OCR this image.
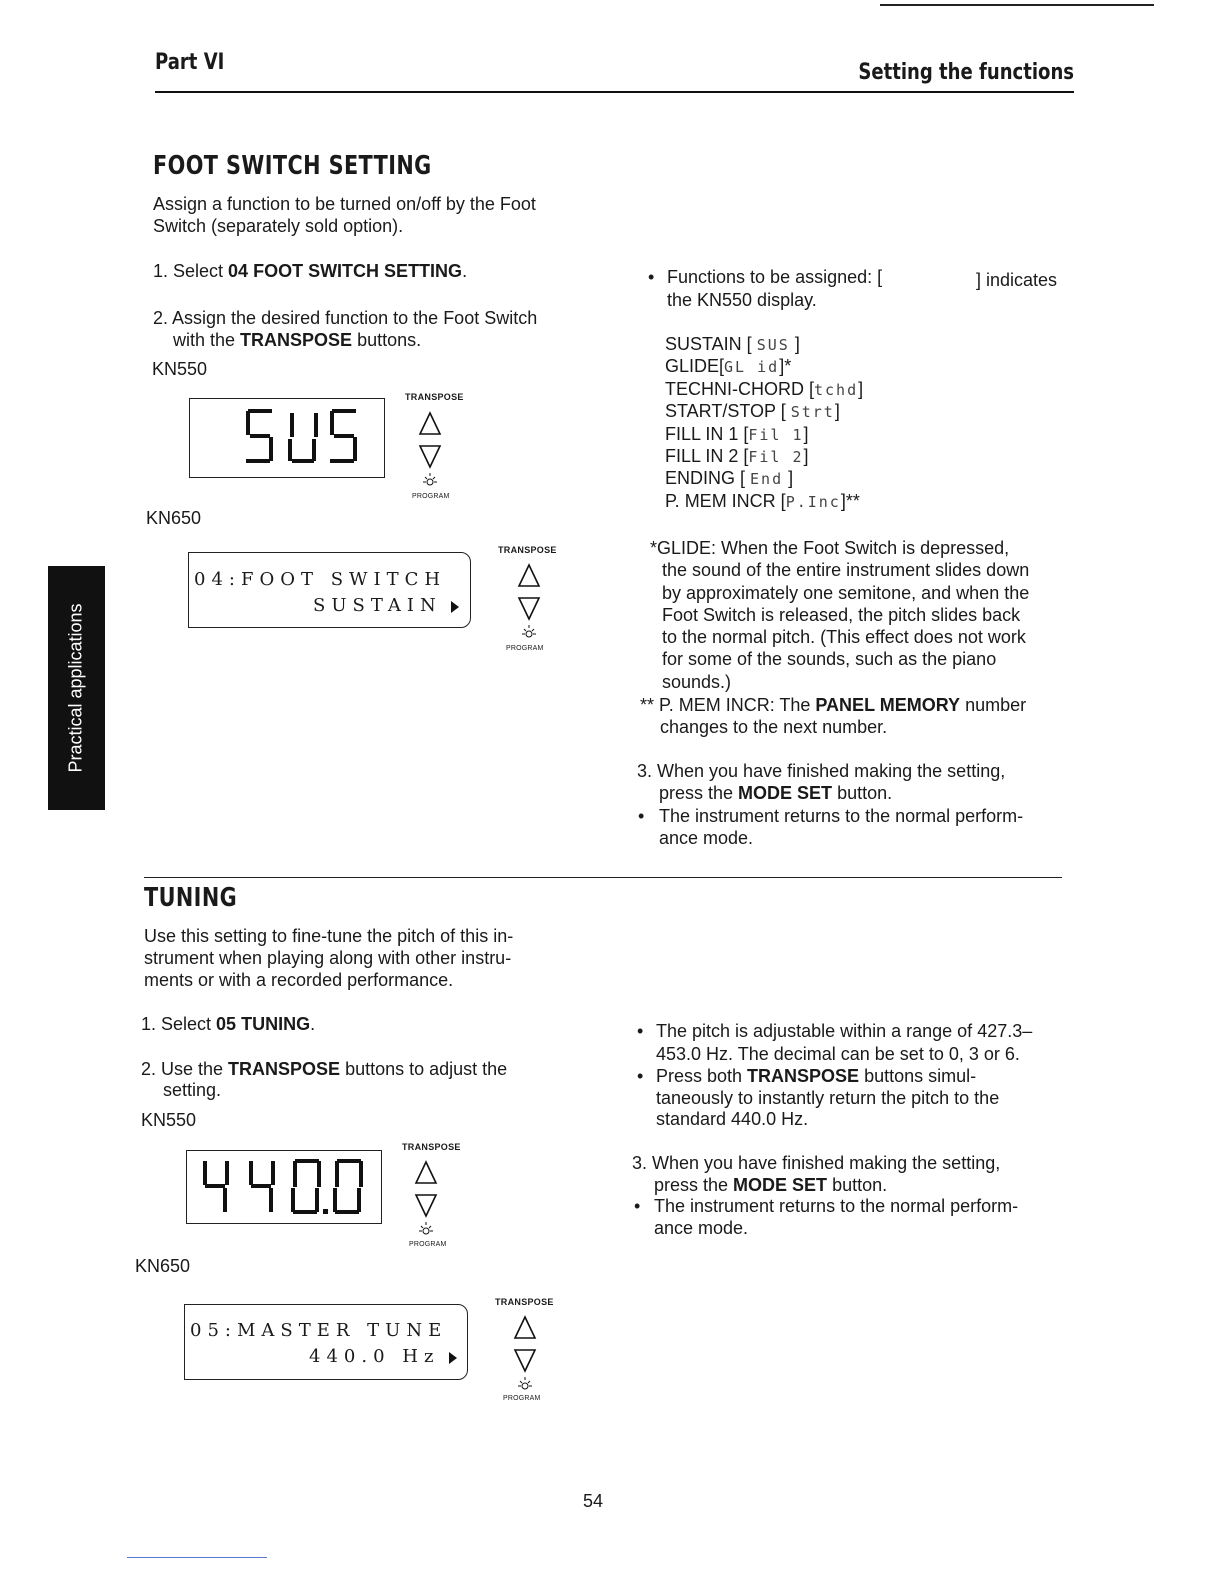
Part VI	Setting the functions
Practical applications
FOOT SWITCH SETTING
Assign a function to be turned on/off by the Foot
Switch (separately sold option).
1. Select 04 FOOT SWITCH SETTING.
2. Assign the desired function to the Foot Switch
with the TRANSPOSE buttons.
KN550
TRANSPOSE
PROGRAM
KN650
04:FOOT SWITCH
SUSTAIN
TRANSPOSE
PROGRAM
• Functions to be assigned: [	] indicates
the KN550 display.
SUSTAIN [ SUS ]
GLIDE[GL id]*
TECHNI-CHORD [tchd]
START/STOP [ Strt]
FILL IN 1 [Fil 1]
FILL IN 2 [Fil 2]
ENDING [ End ]
P. MEM INCR [P.Inc]**
*GLIDE: When the Foot Switch is depressed,
the sound of the entire instrument slides down
by approximately one semitone, and when the
Foot Switch is released, the pitch slides back
to the normal pitch. (This effect does not work
for some of the sounds, such as the piano
sounds.)
** P. MEM INCR: The PANEL MEMORY number
changes to the next number.
3. When you have finished making the setting,
press the MODE SET button.
• The instrument returns to the normal perform-
ance mode.
TUNING
Use this setting to fine-tune the pitch of this in-
strument when playing along with other instru-
ments or with a recorded performance.
1. Select 05 TUNING.
2. Use the TRANSPOSE buttons to adjust the
setting.
KN550
TRANSPOSE
PROGRAM
KN650
05:MASTER TUNE
440.0 Hz
TRANSPOSE
PROGRAM
• The pitch is adjustable within a range of 427.3–
453.0 Hz. The decimal can be set to 0, 3 or 6.
• Press both TRANSPOSE buttons simul-
taneously to instantly return the pitch to the
standard 440.0 Hz.
3. When you have finished making the setting,
press the MODE SET button.
• The instrument returns to the normal perform-
ance mode.
54
